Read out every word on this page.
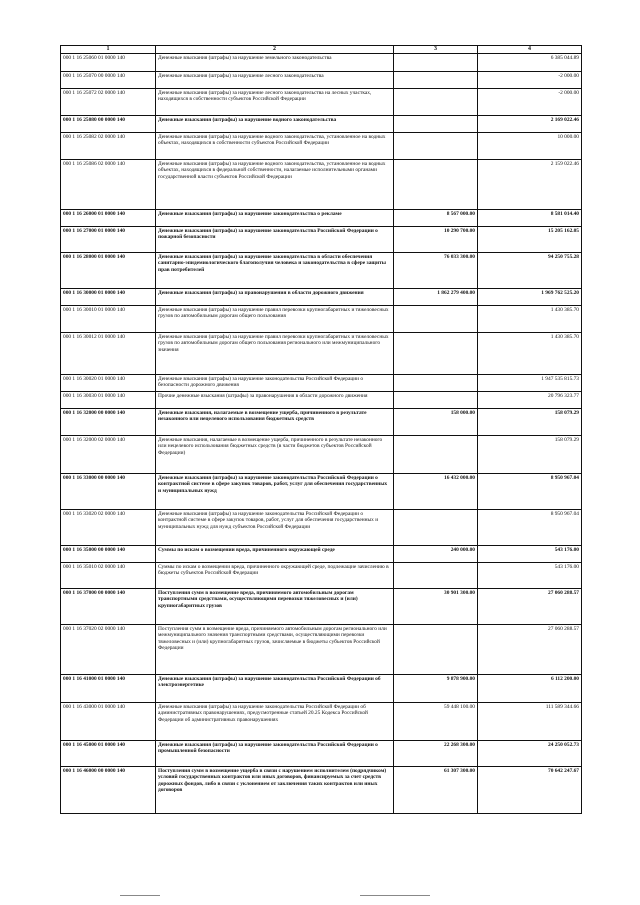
1	2	3	4
000 1 16 25060 01 0000 140	Денежные взыскания (штрафы) за нарушение земельного законодательства		6 385 044.89
000 1 16 25070 00 0000 140	Денежные взыскания (штрафы) за нарушение лесного законодательства		-2 000.00
000 1 16 25072 02 0000 140	Денежные взыскания (штрафы) за нарушение лесного законодательства на лесных участках, находящихся в собственности субъектов Российской Федерации		-2 000.00
000 1 16 25080 00 0000 140	Денежные взыскания (штрафы) за нарушение водного законодательства		2 169 022.46
000 1 16 25082 02 0000 140	Денежные взыскания (штрафы) за нарушение водного законодательства, установленное на водных объектах, находящихся в собственности субъектов Российской Федерации		10 000.00
000 1 16 25086 02 0000 140	Денежные взыскания (штрафы) за нарушение водного законодательства, установленное на водных объектах, находящихся в федеральной собственности, налагаемые исполнительными органами государственной власти субъектов Российской Федерации		2 159 022.46
000 1 16 26000 01 0000 140	Денежные взыскания (штрафы) за нарушение законодательства о рекламе	8 567 000.00	8 581 014.40
000 1 16 27000 01 0000 140	Денежные взыскания (штрафы) за нарушение законодательства Российской Федерации о пожарной безопасности	10 290 700.00	15 205 162.05
000 1 16 28000 01 0000 140	Денежные взыскания (штрафы) за нарушение законодательства в области обеспечения санитарно-эпидемиологического благополучия человека и законодательства в сфере защиты прав потребителей	76 033 300.00	94 250 755.28
000 1 16 30000 01 0000 140	Денежные взыскания (штрафы) за правонарушения в области дорожного движения	1 862 279 400.00	1 969 762 525.20
000 1 16 30010 01 0000 140	Денежные взыскания (штрафы) за нарушение правил перевозки крупногабаритных и тяжеловесных грузов по автомобильным дорогам общего пользования		1 430 385.70
000 1 16 30012 01 0000 140	Денежные взыскания (штрафы) за нарушение правил перевозки крупногабаритных и тяжеловесных грузов по автомобильным дорогам общего пользования регионального или межмуниципального значения		1 430 385.70
000 1 16 30020 01 0000 140	Денежные взыскания (штрафы) за нарушение законодательства Российской Федерации о безопасности дорожного движения		1 947 535 815.73
000 1 16 30030 01 0000 140	Прочие денежные взыскания (штрафы) за правонарушения в области дорожного движения		20 796 323.77
000 1 16 32000 00 0000 140	Денежные взыскания, налагаемые в возмещение ущерба, причиненного в результате незаконного или нецелевого использования бюджетных средств	158 000.00	158 079.29
000 1 16 32000 02 0000 140	Денежные взыскания, налагаемые в возмещение ущерба, причиненного в результате незаконного или нецелевого использования бюджетных средств (в части бюджетов субъектов Российской Федерации)		158 079.29
000 1 16 33000 00 0000 140	Денежные взыскания (штрафы) за нарушение законодательства Российской Федерации о контрактной системе в сфере закупок товаров, работ, услуг для обеспечения государственных и муниципальных нужд	16 432 000.00	8 950 967.04
000 1 16 33020 02 0000 140	Денежные взыскания (штрафы) за нарушение законодательства Российской Федерации о контрактной системе в сфере закупок товаров, работ, услуг для обеспечения государственных и муниципальных нужд для нужд субъектов Российской Федерации		8 950 967.04
000 1 16 35000 00 0000 140	Суммы по искам о возмещении вреда, причиненного окружающей среде	240 000.00	543 176.00
000 1 16 35010 02 0000 140	Суммы по искам о возмещении вреда, причиненного окружающей среде, подлежащие зачислению в бюджеты субъектов Российской Федерации		543 176.00
000 1 16 37000 00 0000 140	Поступления сумм в возмещение вреда, причиняемого автомобильным дорогам транспортными средствами, осуществляющими перевозки тяжеловесных и (или) крупногабаритных грузов	30 901 300.00	27 060 288.57
000 1 16 37020 02 0000 140	Поступления сумм в возмещение вреда, причиняемого автомобильным дорогам регионального или межмуниципального значения транспортными средствами, осуществляющими перевозки тяжеловесных и (или) крупногабаритных грузов, зачисляемые в бюджеты субъектов Российской Федерации		27 060 288.57
000 1 16 41000 01 0000 140	Денежные взыскания (штрафы) за нарушение законодательства Российской Федерации об электроэнергетике	9 878 900.00	6 112 200.00
000 1 16 43000 01 0000 140	Денежные взыскания (штрафы) за нарушение законодательства Российской Федерации об административных правонарушениях, предусмотренные статьей 20.25 Кодекса Российской Федерации об административных правонарушениях	59 448 100.00	111 589 344.66
000 1 16 45000 01 0000 140	Денежные взыскания (штрафы) за нарушение законодательства Российской Федерации о промышленной безопасности	22 268 300.00	24 250 052.73
000 1 16 46000 00 0000 140	Поступления сумм в возмещение ущерба в связи с нарушением исполнителем (подрядчиком) условий государственных контрактов или иных договоров, финансируемых за счет средств дорожных фондов, либо в связи с уклонением от заключения таких контрактов или иных договоров	61 307 300.00	70 642 247.67
